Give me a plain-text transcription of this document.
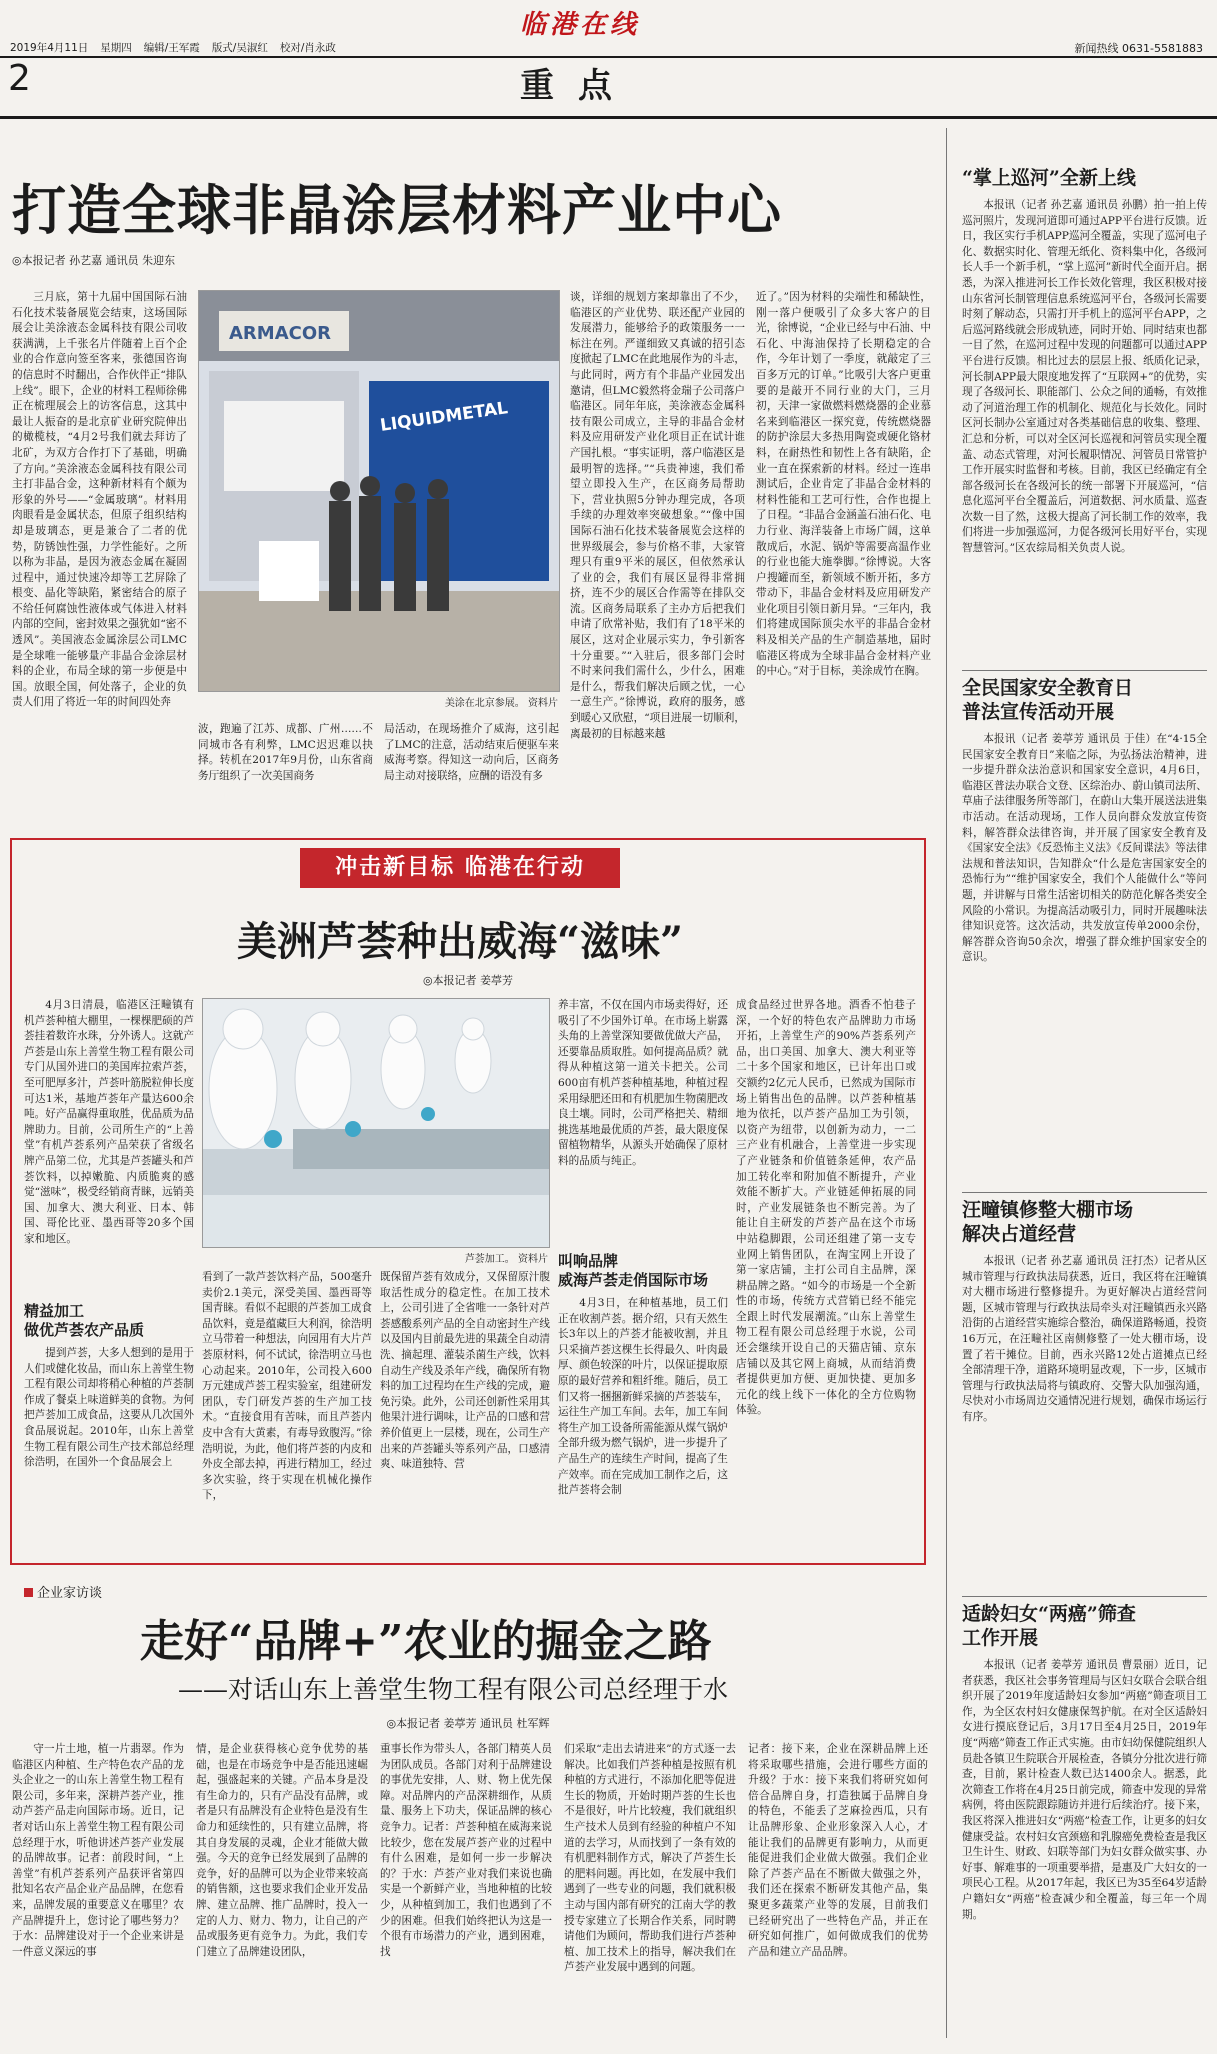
2019年4月11日 星期四 编辑/王军霞 版式/吴淑红 校对/肖永政
临港在线
新闻热线 0631-5581883
2	重点
打造全球非晶涂层材料产业中心
◎本报记者 孙艺嘉 通讯员 朱迎东

三月底，第十九届中国国际石油石化技术装备展览会结束，这场国际展会让美涂液态金属科技有限公司收获满满，上千张名片伴随着上百个企业的合作意向签至客来，张德国咨询的信息时不时翻出，合作伙伴正“排队上线”。眼下，企业的材料工程师徐佛正在梳理展会上的访客信息，这其中最让人振奋的是北京矿业研究院伸出的橄榄枝，“4月2号我们就去拜访了北矿，为双方合作打下了基础，明确了方向。”美涂液态金属科技有限公司主打非晶合金，这种新材料有个颇为形象的外号——“金属玻璃”。材料用肉眼看是金属状态，但原子组织结构却是玻璃态，更是兼合了二者的优势，防锈蚀性强，力学性能好。之所以称为非晶，是因为液态金属在凝固过程中，通过快速冷却等工艺屏除了根变、晶化等缺陷，紧密结合的原子不给任何腐蚀性液体或气体进入材料内部的空间，密封效果之强犹如“密不透风”。美国液态金属涂层公司LMC是全球唯一能够量产非晶合金涂层材料的企业，布局全球的第一步便是中国。放眼全国，何处落子，企业的负责人们用了将近一年的时间四处奔

ARMACOR
LIQUIDMETAL
美涂在北京参展。 资料片

波，跑遍了江苏、成都、广州……不同城市各有利弊，LMC迟迟难以抉择。转机在2017年9月份，山东省商务厅组织了一次美国商务

局活动，在现场推介了威海，这引起了LMC的注意，活动结束后便驱车来威海考察。得知这一动向后，区商务局主动对接联络，应酬的语没有多

谈，详细的规划方案却靠出了不少，临港区的产业优势、联还配产业园的发展潜力，能够给予的政策服务一一标注在列。严谨细致又真诚的招引态度掀起了LMC在此地展作为的斗志，与此同时，两方有个非晶产业园发出邀请，但LMC毅然将金瑞子公司落户临港区。同年年底，美涂液态金属科技有限公司成立，主导的非晶合金材料及应用研发产业化项目正在试计谁产国扎根。“事实证明，落户临港区是最明智的选择。”“兵贵神速，我们希望立即投入生产，在区商务局帮助下，营业执照5分钟办理完成，各项手续的办理效率突破想象。”“像中国国际石油石化技术装备展览会这样的世界级展会，参与价格不菲，大家管理只有重9平米的展区，但依然承认了业的会，我们有展区显得非常拥挤，连不少的展区合作需等在排队交流。区商务局联系了主办方后把我们申请了欣常补贴，我们有了18平米的展区，这对企业展示实力，争引新客十分重要。”“入驻后，很多部门会时不时来问我们需什么，少什么，困难是什么，帮我们解决后顾之忧，一心一意生产。”徐博说，政府的服务，感到暖心又欣慰，“项目进展一切顺利，离最初的目标越来越

近了。”因为材料的尖端性和稀缺性，刚一落户便吸引了众多大客户的目光，徐博说，“企业已经与中石油、中石化、中海油保持了长期稳定的合作，今年计划了一季度，就敲定了三百多万元的订单。”比吸引大客户更重要的是敲开不同行业的大门，三月初，天津一家做燃料燃烧器的企业慕名来到临港区一探究竟，传统燃烧器的防护涂层大多热用陶瓷或硬化铬材料，在耐热性和韧性上各有缺陷，企业一直在探索新的材料。经过一连串测试后，企业肯定了非晶合金材料的材料性能和工艺可行性，合作也提上了日程。“非晶合金涵盖石油石化、电力行业、海洋装备上市场广阔，这单散成后，水泥、锅炉等需要高温作业的行业也能大施拳脚。”徐博说。大客户搜罐而至，新领域不断开拓，多方带动下，非晶合金材料及应用研发产业化项目引领日新月异。“三年内，我们将建成国际顶尖水平的非晶合金材料及相关产品的生产制造基地，届时临港区将成为全球非晶合金材料产业的中心。”对于目标，美涂成竹在胸。

冲击新目标 临港在行动
美洲芦荟种出威海“滋味”
◎本报记者 姜葶芳

4月3日清晨，临港区汪疃镇有机芦荟种植大棚里，一棵棵肥硕的芦荟挂着数许水珠，分外诱人。这就产芦荟是山东上善堂生物工程有限公司专门从国外进口的美国库拉索芦荟，至可肥厚多汁，芦荟叶筋脱粒伸长度可达1米，基地芦荟年产量达600余吨。好产品赢得重取胜，优品质为品牌助力。目前，公司所生产的“上善堂”有机芦荟系列产品荣获了省级名牌产品第二位，尤其是芦荟罐头和芦荟饮料，以掉嫩脆、内质脆爽的感觉“滋味”，极受经销商青睐，远销美国、加拿大、澳大利亚、日本、韩国、哥伦比亚、墨西哥等20多个国家和地区。

精益加工
做优芦荟农产品质

提到芦荟，大多人想到的是用于人们或健化妆品，而山东上善堂生物工程有限公司却将稍心种植的芦荟制作成了餐桌上味道鲜美的食物。为何把芦荟加工成食品，这要从几次国外食品展说起。2010年，山东上善堂生物工程有限公司生产技术部总经理徐浩明，在国外一个食品展会上

芦荟加工。 资料片

看到了一款芦荟饮料产品，500毫升卖价2.1美元，深受美国、墨西哥等国青睐。看似不起眼的芦荟加工成食品饮料，竟是蕴藏巨大利润，徐浩明立马带着一种想法，向园用有大片芦荟原材料，何不试试，徐浩明立马也心动起来。2010年，公司投入600万元建成芦荟工程实验室，组建研发团队，专门研发芦荟的生产加工技术。“直接食用有苦味，而且芦荟内皮中含有大黄素，有毒导致腹泻。”徐浩明说，为此，他们将芦荟的内皮和外皮全部去掉，再进行精加工，经过多次实验，终于实现在机械化操作下，

既保留芦荟有效成分，又保留原汁腹取活性成分的稳定性。在加工技术上，公司引进了全省唯一一条针对芦荟感酸系列产品的全自动密封生产线以及国内目前最先进的果蔬全自动清洗、摘起理、灌装杀菌生产线，饮料自动生产线及杀年产线，确保所有物料的加工过程均在生产线的完成，避免污染。此外，公司还创新性采用其他果汁进行调味，让产品的口感和营养价值更上一层楼，现在，公司生产出来的芦荟罐头等系列产品，口感清爽、味道独特、营

养丰富，不仅在国内市场卖得好，还吸引了不少国外订单。在市场上崭露头角的上善堂深知要做优做大产品，还要靠品质取胜。如何提高品质？就得从种植这第一道关卡把关。公司600亩有机芦荟种植基地，种植过程采用绿肥还田和有机肥加生物菌肥改良土壤。同时，公司严格把关、精细挑选基地最优质的芦荟，最大限度保留植物精华，从源头开始确保了原材料的品质与纯正。

叫响品牌
威海芦荟走俏国际市场

4月3日，在种植基地，员工们正在收割芦荟。据介绍，只有天然生长3年以上的芦荟才能被收割，并且只采摘芦荟这棵生长得最久、叶肉最厚、颜色较深的叶片，以保证提取原原的最好营养和粗纤维。随后，员工们又将一捆捆新鲜采摘的芦荟装车，运往生产加工车间。去年，加工车间将生产加工设备所需能源从煤气锅炉全部升级为燃气锅炉，进一步提升了产品生产的连续生产时间，提高了生产效率。而在完成加工制作之后，这批芦荟将会制

成食品经过世界各地。酒香不怕巷子深，一个好的特色农产品牌助力市场开拓，上善堂生产的90%芦荟系列产品，出口美国、加拿大、澳大利亚等二十多个国家和地区，已计年出口或交额约2亿元人民币，已然成为国际市场上销售出色的品牌。以芦荟种植基地为依托，以芦荟产品加工为引领，以资产为纽带，以创新为动力，一二三产业有机融合，上善堂进一步实现了产业链条和价值链条延伸，农产品加工转化率和附加值不断提升，产业效能不断扩大。产业链延伸拓展的同时，产业发展链条也不断完善。为了能让自主研发的芦荟产品在这个市场中站稳脚跟，公司还组建了第一支专业网上销售团队，在淘宝网上开设了第一家店铺，主打公司自主品牌，深耕品牌之路。“如今的市场是一个全新性的市场，传统方式营销已经不能完全跟上时代发展潮流。”山东上善堂生物工程有限公司总经理于水说，公司还会继续开设自己的天猫店铺、京东店铺以及其它网上商城，从而结消费者提供更加方便、更加快捷、更加多元化的线上线下一体化的全方位购物体验。

企业家访谈
走好“品牌+”农业的掘金之路
——对话山东上善堂生物工程有限公司总经理于水
◎本报记者 姜葶芳 通讯员 杜军辉

守一片土地，植一片翡翠。作为临港区内种植、生产特色农产品的龙头企业之一的山东上善堂生物工程有限公司，多年来，深耕芦荟产业，推动芦荟产品走向国际市场。近日，记者对话山东上善堂生物工程有限公司总经理于水，听他讲述芦荟产业发展的品牌故事。记者：前段时间，“上善堂”有机芦荟系列产品获评省第四批知名农产品企业产品品牌，在您看来，品牌发展的重要意义在哪里？农产品牌提升上，您讨论了哪些努力？于水：品牌建设对于一个企业来讲是一件意义深远的事

情，是企业获得核心竞争优势的基础，也是在市场竞争中是否能迅速崛起，强盛起来的关键。产品本身是没有生命力的，只有产品没有品牌，或者是只有品牌没有企业特色是没有生命力和延续性的，只有建立品牌，将其自身发展的灵魂，企业才能做大做强。今天的竞争已经发展到了品牌的竞争，好的品牌可以为企业带来较高的销售额，这也要求我们企业开发品牌、建立品牌、推广品牌时，投入一定的人力、财力、物力，让自己的产品或服务更有竞争力。为此，我们专门建立了品牌建设团队，

重事长作为带头人，各部门精英人员为团队成员。各部门对利于品牌建设的事优先安排，人、财、物上优先保障。对品牌内的产品深耕细作，从质量、服务上下功夫，保证品牌的核心竞争力。记者：芦荟种植在威海来说比较少，您在发展芦荟产业的过程中有什么困难，是如何一步一步解决的？于水：芦荟产业对我们来说也确实是一个新鲜产业，当地种植的比较少，从种植到加工，我们也遇到了不少的困难。但我们始终把认为这是一个很有市场潜力的产业，遇到困难，找

们采取“走出去请进来”的方式逐一去解决。比如我们芦荟种植是按照有机种植的方式进行，不添加化肥等促进生长的物质，开始时期芦荟的生长也不是很好，叶片比较瘦，我们就组织生产技术人员到有经验的种植户不知道的去学习，从而找到了一条有效的有机肥料制作方式，解决了芦荟生长的肥料问题。再比如，在发展中我们遇到了一些专业的问题，我们就积极主动与国内部有研究的江南大学的教授专家建立了长期合作关系，同时聘请他们为顾问，帮助我们进行芦荟种植、加工技术上的指导，解决我们在芦荟产业发展中遇到的问题。

记者：接下来，企业在深耕品牌上还将采取哪些措施，会进行哪些方面的升级？于水：接下来我们将研究如何倍合品牌自身，打造独属于品牌自身的特色，不能丢了芝麻捡西瓜，只有让品牌形象、企业形象深入人心，才能让我们的品牌更有影响力，从而更能促进我们企业做大做强。我们企业除了芦荟产品在不断做大做强之外，我们还在探索不断研发其他产品，集聚更多蔬菜产业等的发展，目前我们已经研究出了一些特色产品，并正在研究如何推广，如何做成我们的优势产品和建立产品品牌。

“掌上巡河”全新上线

本报讯（记者 孙艺嘉 通讯员 孙鹏）拍一拍上传巡河照片，发现河道即可通过APP平台进行反馈。近日，我区实行手机APP巡河全覆盖，实现了巡河电子化、数据实时化、管理无纸化、资料集中化，各级河长人手一个新手机，“掌上巡河”新时代全面开启。据悉，为深入推进河长工作长效化管理，我区积极对接山东省河长制管理信息系统巡河平台，各级河长需要时刻了解动态，只需打开手机上的巡河平台APP，之后巡河路线就会形成轨迹，同时开始、同时结束也都一目了然，在巡河过程中发现的问题都可以通过APP平台进行反馈。相比过去的层层上报、纸质化记录，河长制APP最大限度地发挥了“互联网+”的优势，实现了各级河长、职能部门、公众之间的通畅，有效推动了河道治理工作的机制化、规范化与长效化。同时区河长制办公室通过对各类基础信息的收集、整理、汇总和分析，可以对全区河长巡视和河管员实现全覆盖、动态式管理，对河长履职情况、河管员日常管护工作开展实时监督和考核。目前，我区已经确定有全部各级河长在各级河长的统一部署下开展巡河，“信息化巡河平台全覆盖后，河道数据、河水质量、巡查次数一目了然，这极大提高了河长制工作的效率，我们将进一步加强巡河，力促各级河长用好平台，实现智慧管河。”区农综局相关负责人说。

全民国家安全教育日
普法宣传活动开展

本报讯（记者 姜葶芳 通讯员 于佳）在“4·15全民国家安全教育日”来临之际，为弘扬法治精神，进一步提升群众法治意识和国家安全意识，4月6日，临港区普法办联合文登、区综治办、蔚山镇司法所、草庙子法律服务所等部门，在蔚山大集开展送法进集市活动。在活动现场，工作人员向群众发放宣传资料，解答群众法律咨询，并开展了国家安全教育及《国家安全法》《反恐怖主义法》《反间谍法》等法律法规和普法知识，告知群众“什么是危害国家安全的恐怖行为”“维护国家安全，我们个人能做什么”等问题，并讲解与日常生活密切相关的防范化解各类安全风险的小常识。为提高活动吸引力，同时开展趣味法律知识竞答。这次活动，共发放宣传单2000余份，解答群众咨询50余次，增强了群众维护国家安全的意识。

汪疃镇修整大棚市场
解决占道经营

本报讯（记者 孙艺嘉 通讯员 汪打杰）记者从区城市管理与行政执法局获悉，近日，我区将在汪疃镇对大棚市场进行整修提升。为更好解决占道经营问题，区城市管理与行政执法局牵头对汪疃镇西永兴路沿街的占道经营实施综合整治，确保道路畅通，投资16万元，在汪疃社区南侧修整了一处大棚市场，设置了若干摊位。目前，西永兴路12处占道摊点已经全部清理干净，道路环境明显改观，下一步，区城市管理与行政执法局将与镇政府、交警大队加强沟通，尽快对小市场周边交通情况进行规划，确保市场运行有序。

适龄妇女“两癌”筛查
工作开展

本报讯（记者 姜葶芳 通讯员 曹景丽）近日，记者获悉，我区社会事务管理局与区妇女联合会联合组织开展了2019年度适龄妇女参加“两癌”筛查项目工作，为全区农村妇女健康保驾护航。在对全区适龄妇女进行摸底登记后，3月17日至4月25日，2019年度“两癌”筛查工作正式实施。由市妇幼保健院组织人员赴各镇卫生院联合开展检查，各镇分分批次进行筛查，目前，累计检查人数已达1400余人。据悉，此次筛查工作将在4月25日前完成，筛查中发现的异常病例，将由医院跟踪随访并进行后续治疗。接下来，我区将深入推进妇女“两癌”检查工作，让更多的妇女健康受益。农村妇女宫颈癌和乳腺癌免费检查是我区卫生计生、财政、妇联等部门为妇女群众做实事、办好事、解难事的一项重要举措，是惠及广大妇女的一项民心工程。从2017年起，我区已为35至64岁适龄户籍妇女“两癌”检查减少和全覆盖，每三年一个周期。
